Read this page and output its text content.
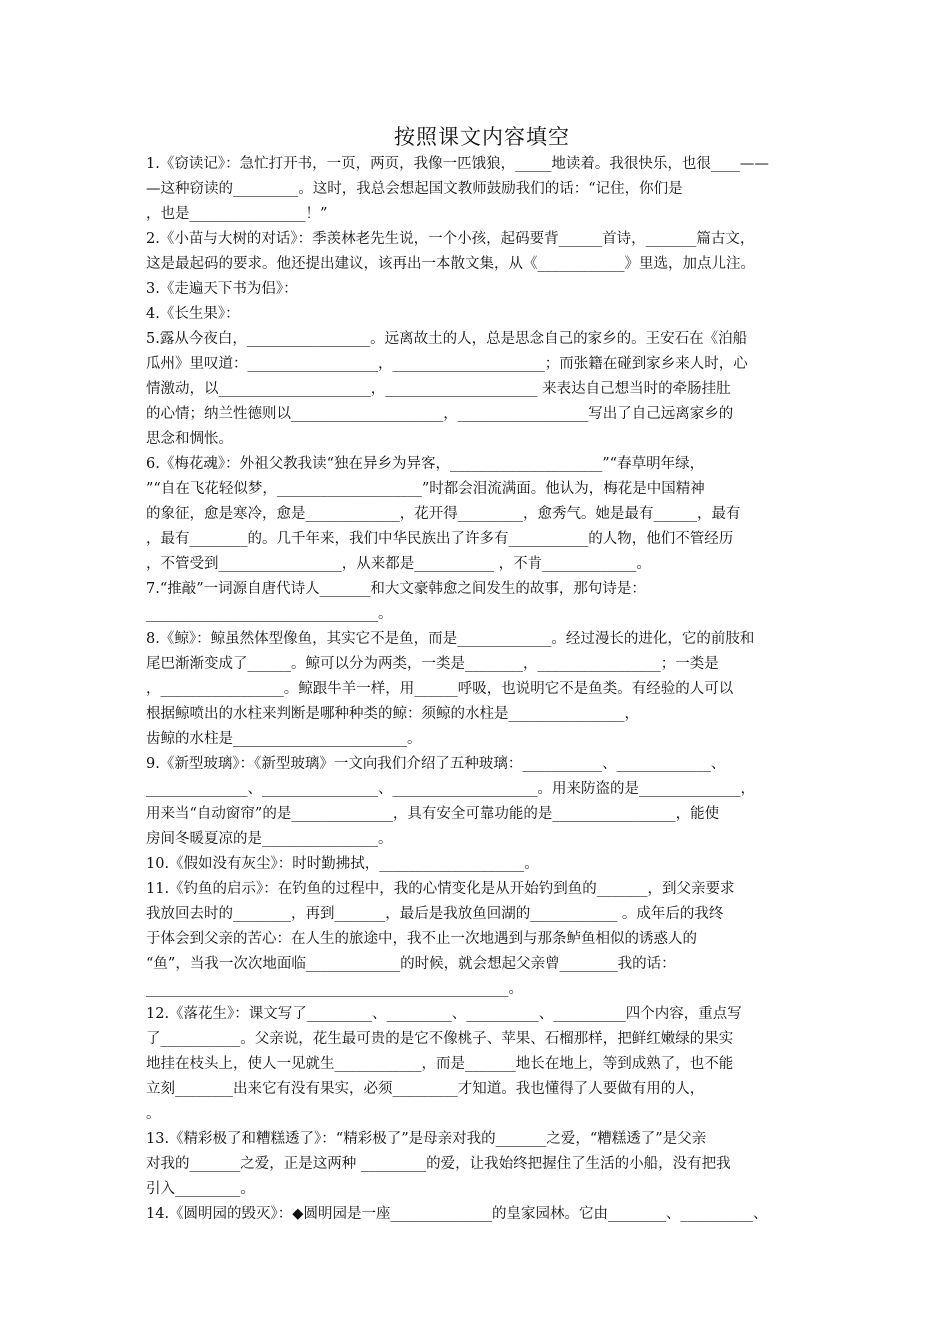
按照课文内容填空
1.《窃读记》：急忙打开书，一页，两页，我像一匹饿狼，_____地读着。我很快乐，也很____——
—这种窃读的_________。这时，我总会想起国文教师鼓励我们的话：“记住，你们是
，也是________________！”
2.《小苗与大树的对话》：季羡林老先生说，一个小孩，起码要背______首诗，_______篇古文，
这是最起码的要求。他还提出建议，该再出一本散文集，从《____________》里选，加点儿注。
3.《走遍天下书为侣》：
4.《长生果》：
5.露从今夜白，_________________。远离故土的人，总是思念自己的家乡的。王安石在《泊船
瓜州》里叹道：__________________，_____________________；而张籍在碰到家乡来人时，心
情激动，以_____________________，_____________________ 来表达自己想当时的牵肠挂肚
的心情；纳兰性德则以_____________________，__________________写出了自己远离家乡的
思念和惆怅。
6.《梅花魂》：外祖父教我读“独在异乡为异客，_____________________”“春草明年绿，
”“自在飞花轻似梦，____________________”时都会泪流满面。他认为，梅花是中国精神
的象征，愈是寒冷，愈是_____________，花开得_________，愈秀气。她是最有______，最有
，最有________的。几千年来，我们中华民族出了许多有___________的人物，他们不管经历
，不管受到_________________，从来都是___________ ，不肯_____________。
7.“推敲”一词源自唐代诗人_______和大文豪韩愈之间发生的故事，那句诗是：
________________________________。
8.《鲸》：鲸虽然体型像鱼，其实它不是鱼，而是_____________。经过漫长的进化，它的前肢和
尾巴渐渐变成了______。鲸可以分为两类，一类是________，_________________；一类是
，_________________。鲸跟牛羊一样，用______呼吸，也说明它不是鱼类。有经验的人可以
根据鲸喷出的水柱来判断是哪种种类的鲸：须鲸的水柱是________________，
齿鲸的水柱是________________________。
9.《新型玻璃》：《新型玻璃》一文向我们介绍了五种玻璃：___________、_____________、
______________、________________、____________________。用来防盗的是______________，
用来当“自动窗帘”的是______________，具有安全可靠功能的是_________________，能使
房间冬暖夏凉的是________________。
10.《假如没有灰尘》：时时勤拂拭，____________________。
11.《钓鱼的启示》：在钓鱼的过程中，我的心情变化是从开始钓到鱼的_______，到父亲要求
我放回去时的________，再到_______，最后是我放鱼回湖的____________ 。成年后的我终
于体会到父亲的苦心：在人生的旅途中，我不止一次地遇到与那条鲈鱼相似的诱惑人的
“鱼”，当我一次次地面临_____________的时候，就会想起父亲曾________我的话：
__________________________________________________。
12.《落花生》：课文写了_________、_________、__________、__________四个内容，重点写
了___________。父亲说，花生最可贵的是它不像桃子、苹果、石榴那样，把鲜红嫩绿的果实
地挂在枝头上，使人一见就生____________，而是_______地长在地上，等到成熟了，也不能
立刻________出来它有没有果实，必须_________才知道。我也懂得了人要做有用的人，
。
13.《精彩极了和糟糕透了》：“精彩极了”是母亲对我的_______之爱，“糟糕透了”是父亲
对我的_______之爱，正是这两种 _________的爱，让我始终把握住了生活的小船，没有把我
引入_________。
14.《圆明园的毁灭》：◆圆明园是一座______________的皇家园林。它由________、__________、
